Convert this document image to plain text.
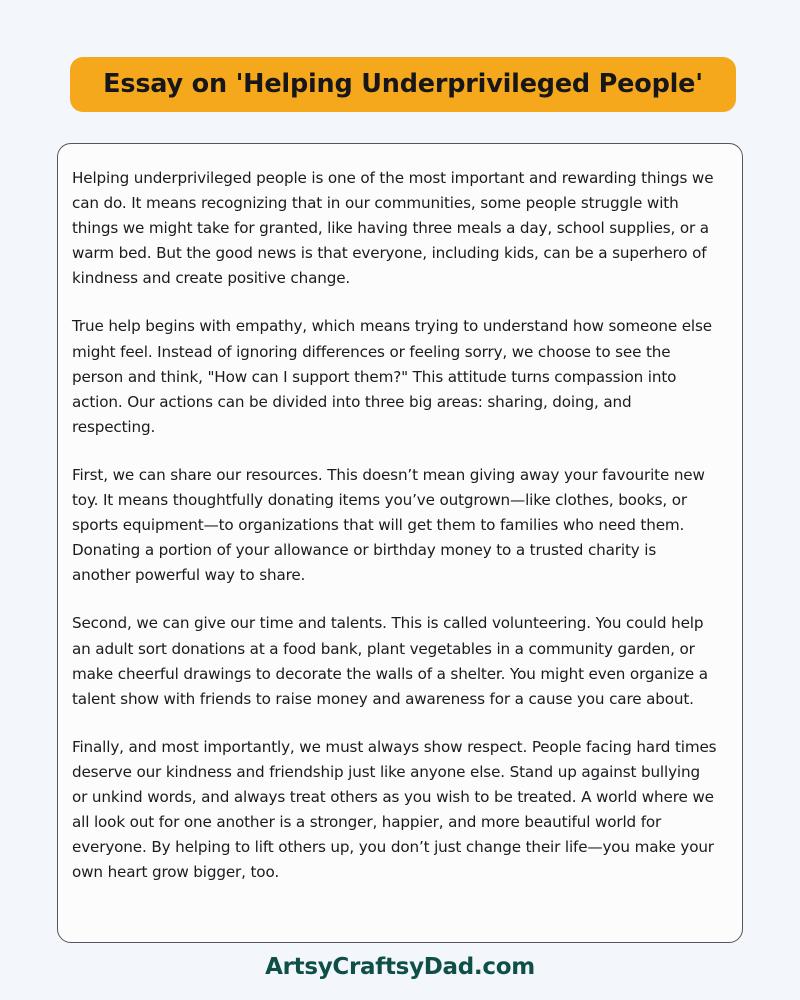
Essay on 'Helping Underprivileged People'

Helping underprivileged people is one of the most important and rewarding things we can do. It means recognizing that in our communities, some people struggle with things we might take for granted, like having three meals a day, school supplies, or a warm bed. But the good news is that everyone, including kids, can be a superhero of kindness and create positive change.

True help begins with empathy, which means trying to understand how someone else might feel. Instead of ignoring differences or feeling sorry, we choose to see the person and think, "How can I support them?" This attitude turns compassion into action. Our actions can be divided into three big areas: sharing, doing, and respecting.

First, we can share our resources. This doesn’t mean giving away your favourite new toy. It means thoughtfully donating items you’ve outgrown—like clothes, books, or sports equipment—to organizations that will get them to families who need them. Donating a portion of your allowance or birthday money to a trusted charity is another powerful way to share.

Second, we can give our time and talents. This is called volunteering. You could help an adult sort donations at a food bank, plant vegetables in a community garden, or make cheerful drawings to decorate the walls of a shelter. You might even organize a talent show with friends to raise money and awareness for a cause you care about.

Finally, and most importantly, we must always show respect. People facing hard times deserve our kindness and friendship just like anyone else. Stand up against bullying or unkind words, and always treat others as you wish to be treated. A world where we all look out for one another is a stronger, happier, and more beautiful world for everyone. By helping to lift others up, you don’t just change their life—you make your own heart grow bigger, too.

ArtsyCraftsyDad.com
